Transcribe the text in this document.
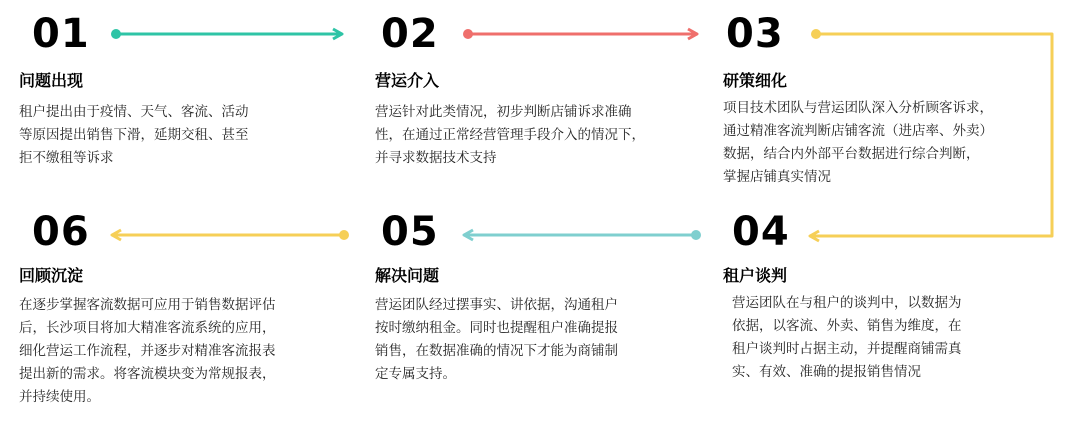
01
问题出现
租户提出由于疫情、天气、客流、活动
等原因提出销售下滑，延期交租、甚至
拒不缴租等诉求
02
营运介入
营运针对此类情况，初步判断店铺诉求准确
性，在通过正常经营管理手段介入的情况下，
并寻求数据技术支持
03
研策细化
项目技术团队与营运团队深入分析顾客诉求，
通过精准客流判断店铺客流（进店率、外卖）
数据，结合内外部平台数据进行综合判断，
掌握店铺真实情况
04
租户谈判
营运团队在与租户的谈判中，以数据为
依据，以客流、外卖、销售为维度，在
租户谈判时占据主动，并提醒商铺需真
实、有效、准确的提报销售情况
05
解决问题
营运团队经过摆事实、讲依据，沟通租户
按时缴纳租金。同时也提醒租户准确提报
销售，在数据准确的情况下才能为商铺制
定专属支持。
06
回顾沉淀
在逐步掌握客流数据可应用于销售数据评估
后，长沙项目将加大精准客流系统的应用，
细化营运工作流程，并逐步对精准客流报表
提出新的需求。将客流模块变为常规报表，
并持续使用。
